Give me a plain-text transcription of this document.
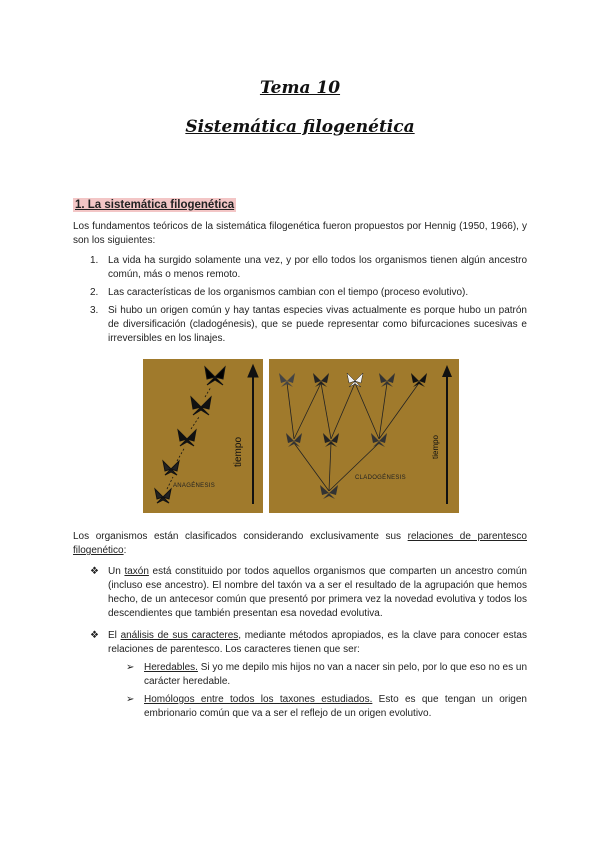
Tema 10
Sistemática filogenética
1. La sistemática filogenética
Los fundamentos teóricos de la sistemática filogenética fueron propuestos por Hennig (1950, 1966), y son los siguientes:
1. La vida ha surgido solamente una vez, y por ello todos los organismos tienen algún ancestro común, más o menos remoto.
2. Las características de los organismos cambian con el tiempo (proceso evolutivo).
3. Si hubo un origen común y hay tantas especies vivas actualmente es porque hubo un patrón de diversificación (cladogénesis), que se puede representar como bifurcaciones sucesivas e irreversibles en los linajes.
ANAGÉNESIS
tiempo
CLADOGÉNESIS
tiempo
Los organismos están clasificados considerando exclusivamente sus relaciones de parentesco filogenético:
❖ Un taxón está constituido por todos aquellos organismos que comparten un ancestro común (incluso ese ancestro). El nombre del taxón va a ser el resultado de la agrupación que hemos hecho, de un antecesor común que presentó por primera vez la novedad evolutiva y todos los descendientes que también presentan esa novedad evolutiva.
❖ El análisis de sus caracteres, mediante métodos apropiados, es la clave para conocer estas relaciones de parentesco. Los caracteres tienen que ser:
➢ Heredables. Si yo me depilo mis hijos no van a nacer sin pelo, por lo que eso no es un carácter heredable.
➢ Homólogos entre todos los taxones estudiados. Esto es que tengan un origen embrionario común que va a ser el reflejo de un origen evolutivo.
